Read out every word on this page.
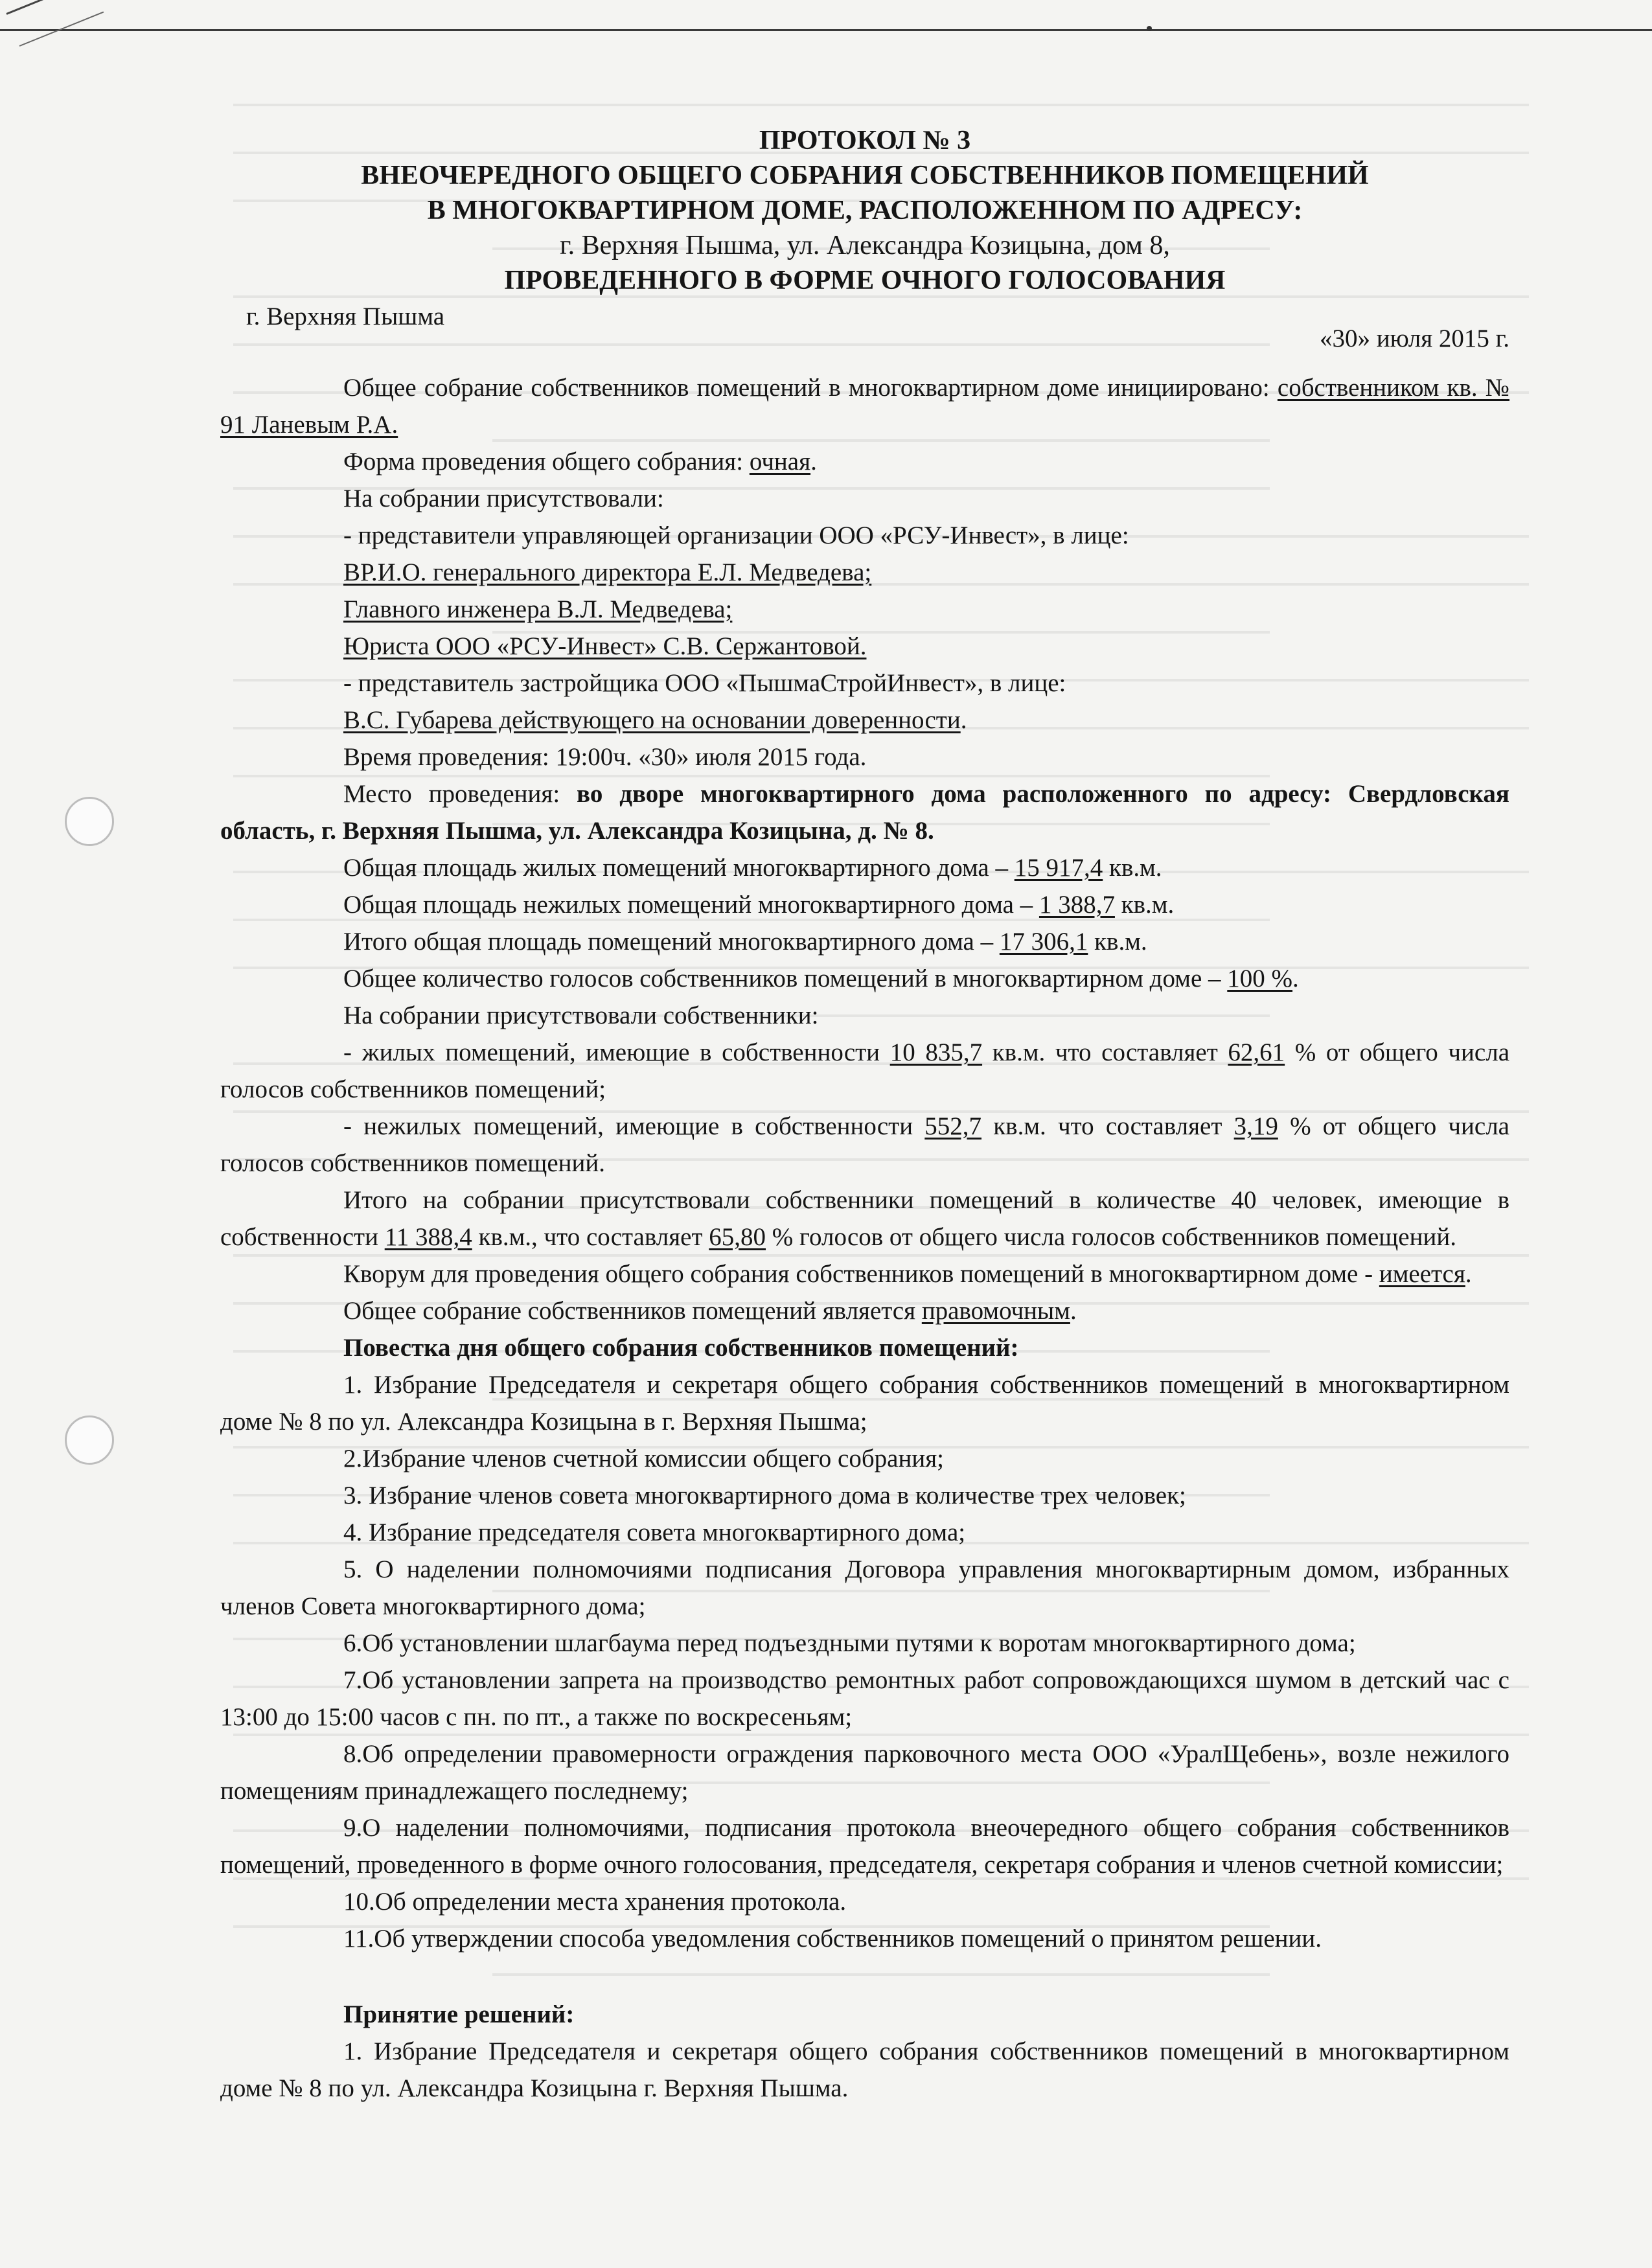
ПРОТОКОЛ № 3
ВНЕОЧЕРЕДНОГО ОБЩЕГО СОБРАНИЯ СОБСТВЕННИКОВ ПОМЕЩЕНИЙ
В МНОГОКВАРТИРНОМ ДОМЕ, РАСПОЛОЖЕННОМ ПО АДРЕСУ:
г. Верхняя Пышма, ул. Александра Козицына, дом 8,
ПРОВЕДЕННОГО В ФОРМЕ ОЧНОГО ГОЛОСОВАНИЯ
г. Верхняя Пышма
«30» июля 2015 г.

Общее собрание собственников помещений в многоквартирном доме инициировано: собственником кв. № 91 Ланевым Р.А.

Форма проведения общего собрания: очная.

На собрании присутствовали:

- представители управляющей организации ООО «РСУ-Инвест», в лице:

ВР.И.О. генерального директора Е.Л. Медведева;

Главного инженера В.Л. Медведева;

Юриста ООО «РСУ-Инвест» С.В. Сержантовой.

- представитель застройщика ООО «ПышмаСтройИнвест», в лице:

В.С. Губарева действующего на основании доверенности.

Время проведения: 19:00ч. «30» июля 2015 года.

Место проведения: во дворе многоквартирного дома расположенного по адресу: Свердловская область, г. Верхняя Пышма, ул. Александра Козицына, д. № 8.

Общая площадь жилых помещений многоквартирного дома – 15 917,4 кв.м.

Общая площадь нежилых помещений многоквартирного дома – 1 388,7 кв.м.

Итого общая площадь помещений многоквартирного дома – 17 306,1 кв.м.

Общее количество голосов собственников помещений в многоквартирном доме – 100 %.

На собрании присутствовали собственники:

- жилых помещений, имеющие в собственности 10 835,7 кв.м. что составляет 62,61 % от общего числа голосов собственников помещений;

- нежилых помещений, имеющие в собственности 552,7 кв.м. что составляет 3,19 % от общего числа голосов собственников помещений.

Итого на собрании присутствовали собственники помещений в количестве 40 человек, имеющие в собственности 11 388,4 кв.м., что составляет 65,80 % голосов от общего числа голосов собственников помещений.

Кворум для проведения общего собрания собственников помещений в многоквартирном доме - имеется.

Общее собрание собственников помещений является правомочным.

Повестка дня общего собрания собственников помещений:

1. Избрание Председателя и секретаря общего собрания собственников помещений в многоквартирном доме № 8 по ул. Александра Козицына в г. Верхняя Пышма;

2.Избрание членов счетной комиссии общего собрания;

3. Избрание членов совета многоквартирного дома в количестве трех человек;

4. Избрание председателя совета многоквартирного дома;

5. О наделении полномочиями подписания Договора управления многоквартирным домом, избранных членов Совета многоквартирного дома;

6.Об установлении шлагбаума перед подъездными путями к воротам многоквартирного дома;

7.Об установлении запрета на производство ремонтных работ сопровождающихся шумом в детский час с 13:00 до 15:00 часов с пн. по пт., а также по воскресеньям;

8.Об определении правомерности ограждения парковочного места ООО «УралЩебень», возле нежилого помещениям принадлежащего последнему;

9.О наделении полномочиями, подписания протокола внеочередного общего собрания собственников помещений, проведенного в форме очного голосования, председателя, секретаря собрания и членов счетной комиссии;

10.Об определении места хранения протокола.

11.Об утверждении способа уведомления собственников помещений о принятом решении.

Принятие решений:

1. Избрание Председателя и секретаря общего собрания собственников помещений в многоквартирном доме № 8 по ул. Александра Козицына г. Верхняя Пышма.
